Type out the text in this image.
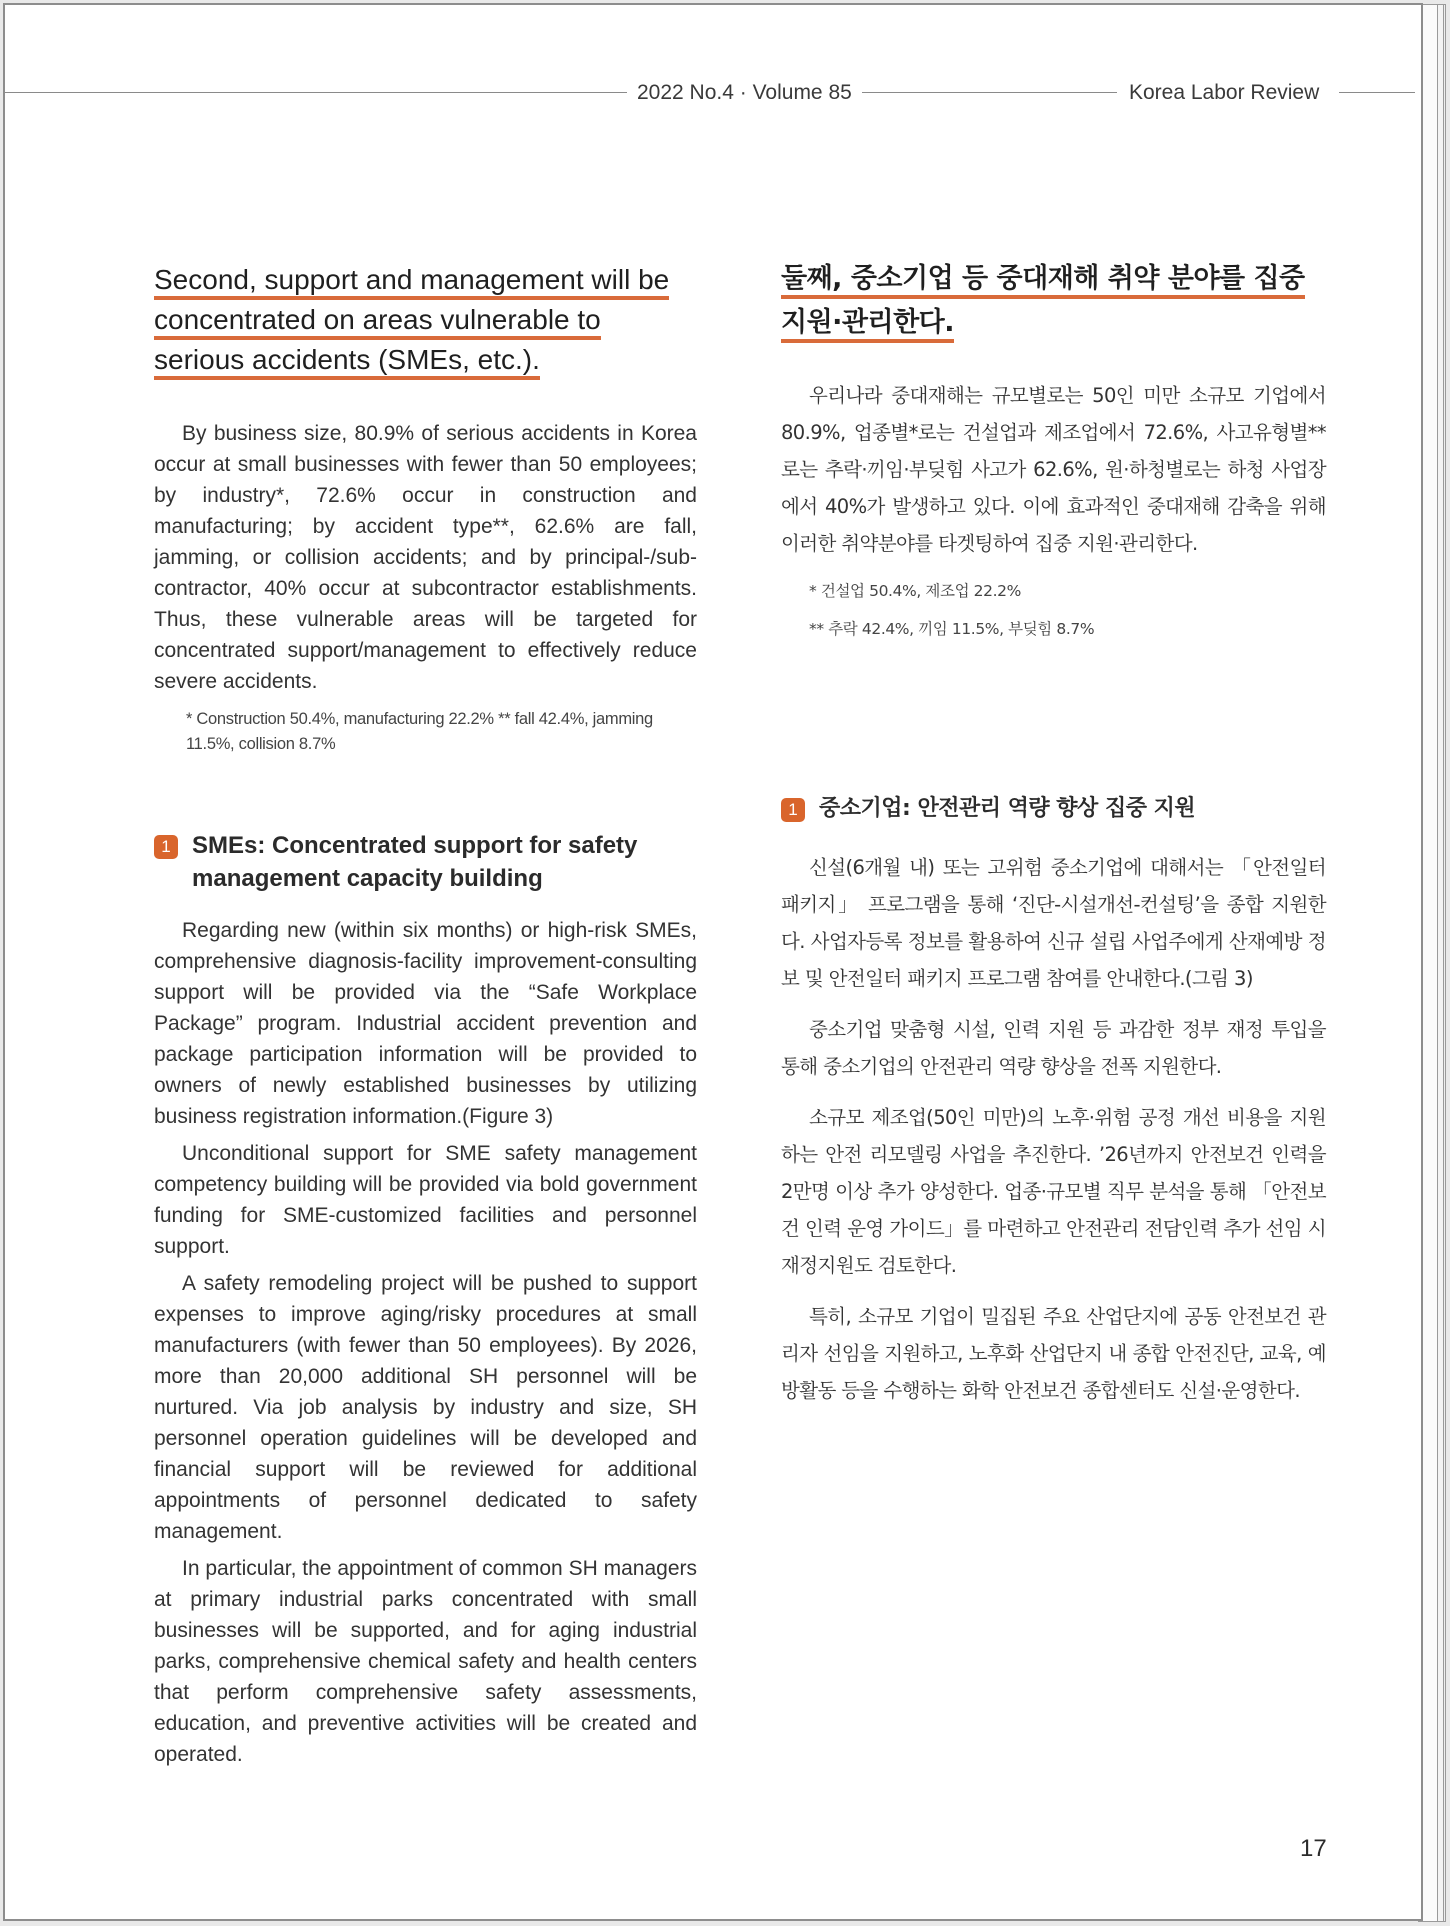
2022 No.4 · Volume 85	Korea Labor Review
Second, support and management will be concentrated on areas vulnerable to serious accidents (SMEs, etc.).

By business size, 80.9% of serious accidents in Korea occur at small businesses with fewer than 50 employees; by industry*, 72.6% occur in construction and manufacturing; by accident type**, 62.6% are fall, jamming, or collision accidents; and by principal-/sub-contractor, 40% occur at subcontractor establishments. Thus, these vulnerable areas will be targeted for concentrated support/management to effectively reduce severe accidents.

* Construction 50.4%, manufacturing 22.2% ** fall 42.4%, jamming 11.5%, collision 8.7%

1 SMEs: Concentrated support for safety management capacity building

Regarding new (within six months) or high-risk SMEs, comprehensive diagnosis-facility improvement-consulting support will be provided via the “Safe Workplace Package” program. Industrial accident prevention and package participation information will be provided to owners of newly established businesses by utilizing business registration information.(Figure 3)

Unconditional support for SME safety management competency building will be provided via bold government funding for SME-customized facilities and personnel support.

A safety remodeling project will be pushed to support expenses to improve aging/risky procedures at small manufacturers (with fewer than 50 employees). By 2026, more than 20,000 additional SH personnel will be nurtured. Via job analysis by industry and size, SH personnel operation guidelines will be developed and financial support will be reviewed for additional appointments of personnel dedicated to safety management.

In particular, the appointment of common SH managers at primary industrial parks concentrated with small businesses will be supported, and for aging industrial parks, comprehensive chemical safety and health centers that perform comprehensive safety assessments, education, and preventive activities will be created and operated.

둘째, 중소기업 등 중대재해 취약 분야를 집중 지원·관리한다.

우리나라 중대재해는 규모별로는 50인 미만 소규모 기업에서 80.9%, 업종별*로는 건설업과 제조업에서 72.6%, 사고유형별**로는 추락·끼임·부딪힘 사고가 62.6%, 원·하청별로는 하청 사업장에서 40%가 발생하고 있다. 이에 효과적인 중대재해 감축을 위해 이러한 취약분야를 타겟팅하여 집중 지원·관리한다.

* 건설업 50.4%, 제조업 22.2%

** 추락 42.4%, 끼임 11.5%, 부딪힘 8.7%

1 중소기업: 안전관리 역량 향상 집중 지원

신설(6개월 내) 또는 고위험 중소기업에 대해서는 「안전일터 패키지」 프로그램을 통해 ‘진단-시설개선-컨설팅’을 종합 지원한다. 사업자등록 정보를 활용하여 신규 설립 사업주에게 산재예방 정보 및 안전일터 패키지 프로그램 참여를 안내한다.(그림 3)

중소기업 맞춤형 시설, 인력 지원 등 과감한 정부 재정 투입을 통해 중소기업의 안전관리 역량 향상을 전폭 지원한다.

소규모 제조업(50인 미만)의 노후·위험 공정 개선 비용을 지원하는 안전 리모델링 사업을 추진한다. ’26년까지 안전보건 인력을 2만명 이상 추가 양성한다. 업종·규모별 직무 분석을 통해 「안전보건 인력 운영 가이드」를 마련하고 안전관리 전담인력 추가 선임 시 재정지원도 검토한다.

특히, 소규모 기업이 밀집된 주요 산업단지에 공동 안전보건 관리자 선임을 지원하고, 노후화 산업단지 내 종합 안전진단, 교육, 예방활동 등을 수행하는 화학 안전보건 종합센터도 신설·운영한다.

17
